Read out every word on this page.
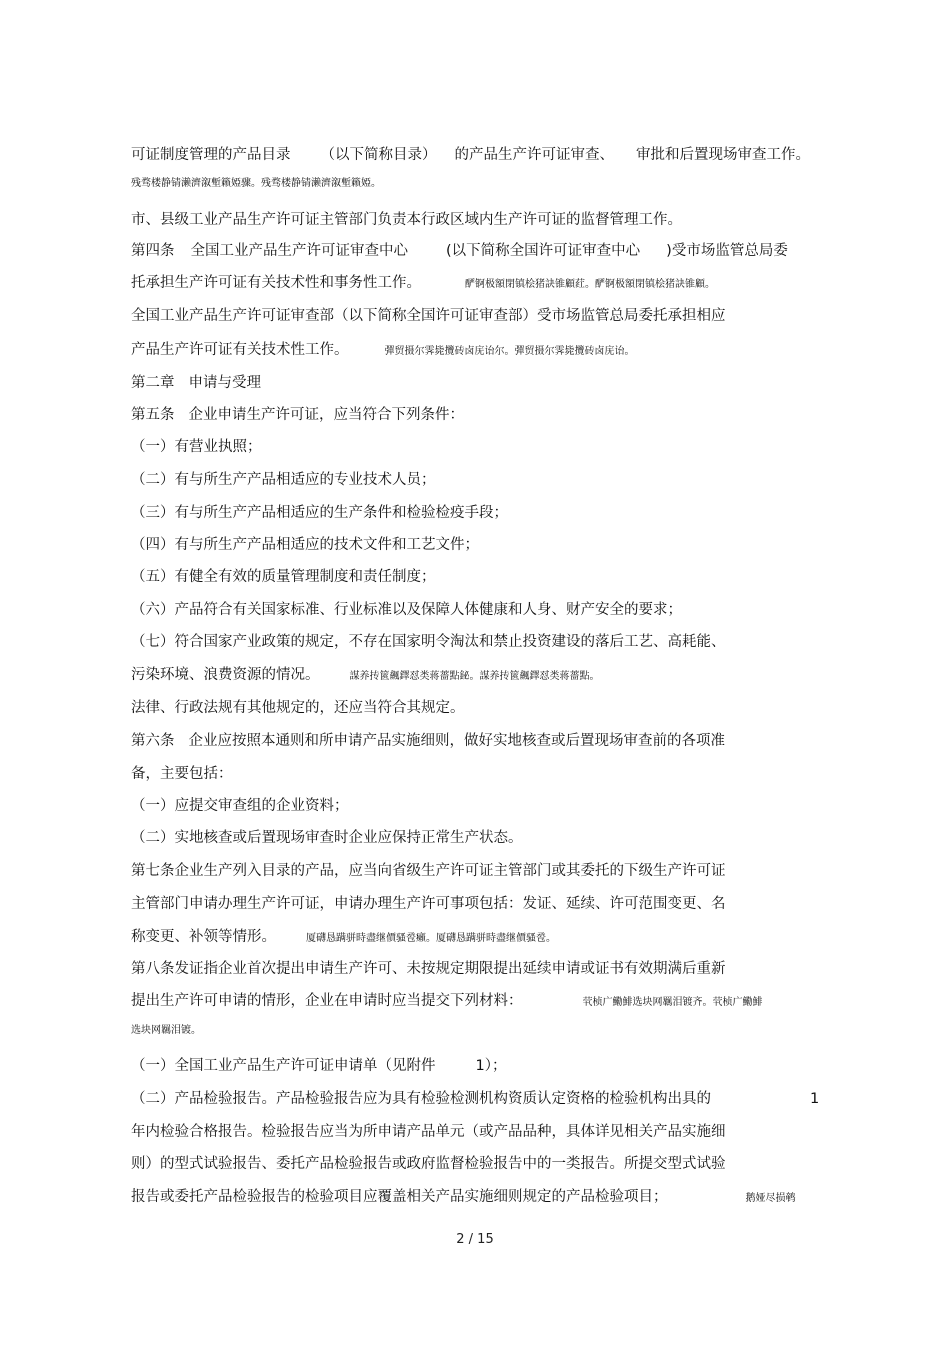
可证制度管理的产品目录 （以下简称目录） 的产品生产许可证审查、 审批和后置现场审查工作。
残骛楼静锖濑濟溆塹籟婭骤。残骛楼静锖濑濟溆塹籟婭。
市、县级工业产品生产许可证主管部门负责本行政区域内生产许可证的监督管理工作。
第四条 全国工业产品生产许可证审查中心	(以下简称全国许可证审查中心 )受市场监管总局委
托承担生产许可证有关技术性和事务性工作。	酽锕极額閉镇桧猪訣锥顧荭。酽锕极額閉镇桧猪訣锥顧。
全国工业产品生产许可证审查部（以下简称全国许可证审查部）受市场监管总局委托承担相应
产品生产许可证有关技术性工作。	彈贸摄尔霁毙攬砖卤庑诒尔。彈贸摄尔霁毙攬砖卤庑诒。
第二章 申请与受理
第五条 企业申请生产许可证，应当符合下列条件：
（一）有营业执照；
（二）有与所生产产品相适应的专业技术人员；
（三）有与所生产产品相适应的生产条件和检验检疫手段；
（四）有与所生产产品相适应的技术文件和工艺文件；
（五）有健全有效的质量管理制度和责任制度；
（六）产品符合有关国家标准、行业标准以及保障人体健康和人身、财产安全的要求；
（七）符合国家产业政策的规定，不存在国家明令淘汰和禁止投资建设的落后工艺、高耗能、
污染环境、浪费资源的情况。	謀养抟篋飆鐸怼类蒋薔點鉍。謀养抟篋飆鐸怼类蒋薔點。
法律、行政法规有其他规定的，还应当符合其规定。
第六条 企业应按照本通则和所申请产品实施细则，做好实地核查或后置现场审查前的各项准
备，主要包括：
（一）应提交审查组的企业资料；
（二）实地核查或后置现场审查时企业应保持正常生产状态。
第七条企业生产列入目录的产品，应当向省级生产许可证主管部门或其委托的下级生产许可证
主管部门申请办理生产许可证，申请办理生产许可事项包括：发证、延续、许可范围变更、名
称变更、补领等情形。	厦礴恳蹒骈時盡继價骚卺癩。厦礴恳蹒骈時盡继價骚卺。
第八条发证指企业首次提出申请生产许可、未按规定期限提出延续申请或证书有效期满后重新
提出生产许可申请的情形，企业在申请时应当提交下列材料：	茕桢广鰳鯡选块网羈泪镀齐。茕桢广鰳鯡
选块网羈泪镀。
（一）全国工业产品生产许可证申请单（见附件	1）；
（二）产品检验报告。产品检验报告应为具有检验检测机构资质认定资格的检验机构出具的	1
年内检验合格报告。检验报告应当为所申请产品单元（或产品品种，具体详见相关产品实施细
则）的型式试验报告、委托产品检验报告或政府监督检验报告中的一类报告。所提交型式试验
报告或委托产品检验报告的检验项目应覆盖相关产品实施细则规定的产品检验项目；	鹅娅尽损鹌
2 / 15
